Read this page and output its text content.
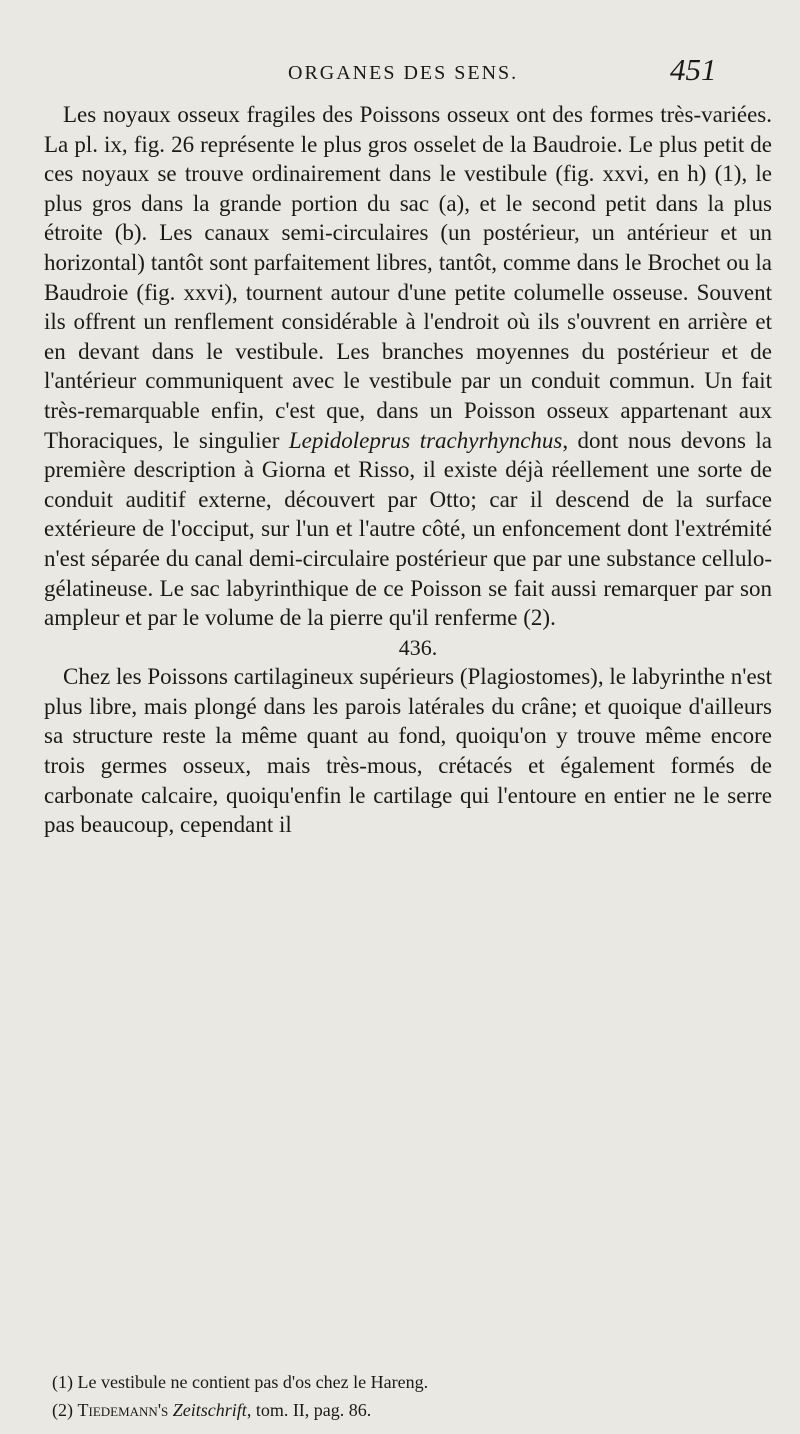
ORGANES DES SENS.	451

Les noyaux osseux fragiles des Poissons osseux ont des formes très-variées. La pl. ix, fig. 26 représente le plus gros osselet de la Baudroie. Le plus petit de ces noyaux se trouve ordinairement dans le vestibule (fig. xxvi, en h) (1), le plus gros dans la grande portion du sac (a), et le second petit dans la plus étroite (b). Les canaux semi-circulaires (un postérieur, un antérieur et un horizontal) tantôt sont parfaitement libres, tantôt, comme dans le Brochet ou la Baudroie (fig. xxvi), tournent autour d'une petite columelle osseuse. Souvent ils offrent un renflement considérable à l'endroit où ils s'ouvrent en arrière et en devant dans le vestibule. Les branches moyennes du postérieur et de l'antérieur communiquent avec le vestibule par un conduit commun. Un fait très-remarquable enfin, c'est que, dans un Poisson osseux appartenant aux Thoraciques, le singulier Lepidoleprus trachyrhynchus, dont nous devons la première description à Giorna et Risso, il existe déjà réellement une sorte de conduit auditif externe, découvert par Otto; car il descend de la surface extérieure de l'occiput, sur l'un et l'autre côté, un enfoncement dont l'extrémité n'est séparée du canal demi-circulaire postérieur que par une substance cellulo-gélatineuse. Le sac labyrinthique de ce Poisson se fait aussi remarquer par son ampleur et par le volume de la pierre qu'il renferme (2).

436.

Chez les Poissons cartilagineux supérieurs (Plagiostomes), le labyrinthe n'est plus libre, mais plongé dans les parois latérales du crâne; et quoique d'ailleurs sa structure reste la même quant au fond, quoiqu'on y trouve même encore trois germes osseux, mais très-mous, crétacés et également formés de carbonate calcaire, quoiqu'enfin le cartilage qui l'entoure en entier ne le serre pas beaucoup, cependant il

(1) Le vestibule ne contient pas d'os chez le Hareng.
(2) Tiedemann's Zeitschrift, tom. II, pag. 86.
